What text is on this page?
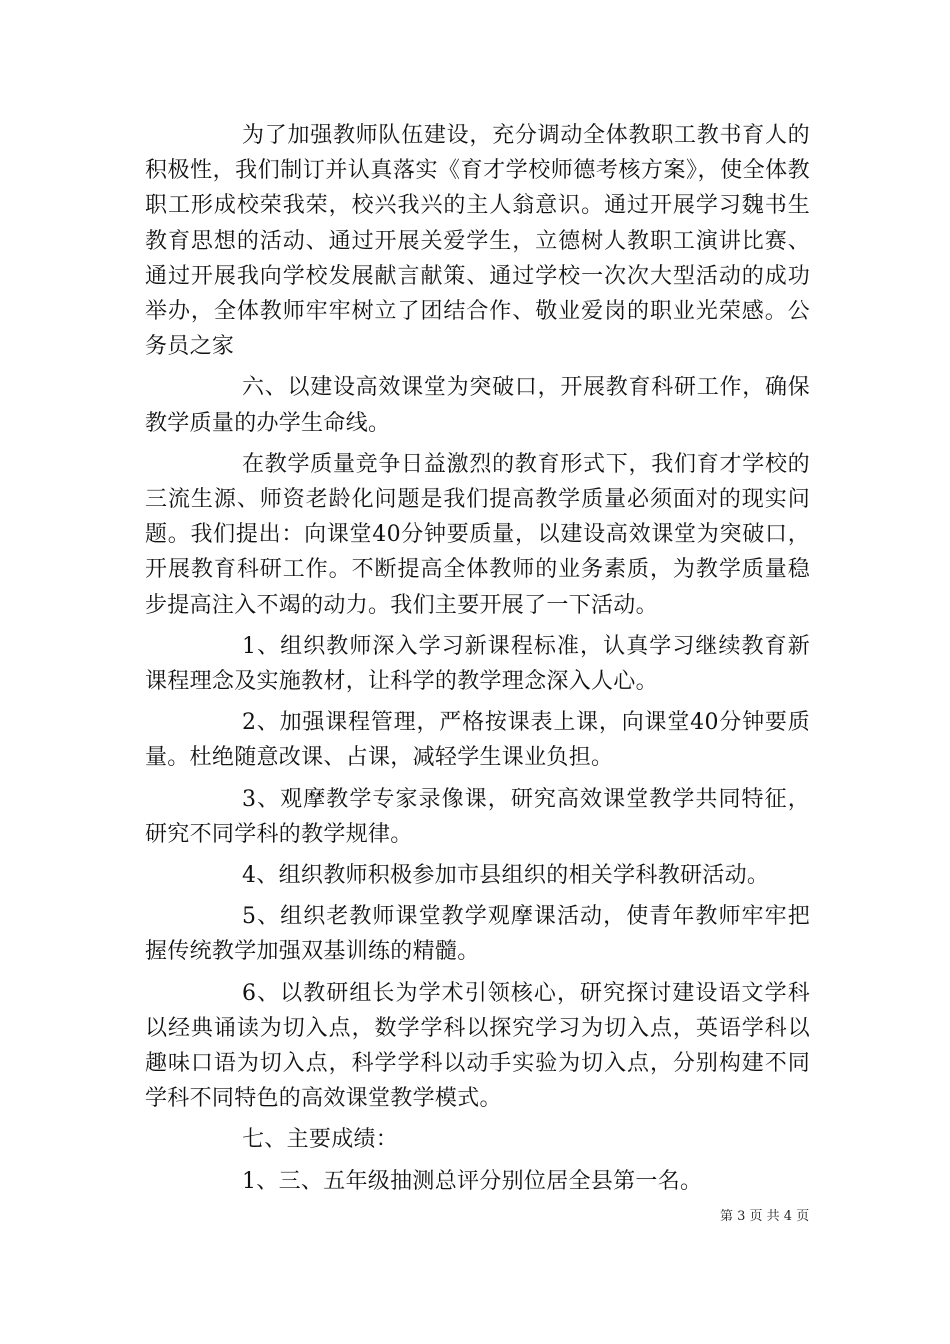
为了加强教师队伍建设，充分调动全体教职工教书育人的积极性，我们制订并认真落实《育才学校师德考核方案》，使全体教职工形成校荣我荣，校兴我兴的主人翁意识。通过开展学习魏书生教育思想的活动、通过开展关爱学生，立德树人教职工演讲比赛、通过开展我向学校发展献言献策、通过学校一次次大型活动的成功举办，全体教师牢牢树立了团结合作、敬业爱岗的职业光荣感。公务员之家

六、以建设高效课堂为突破口，开展教育科研工作，确保教学质量的办学生命线。

在教学质量竞争日益激烈的教育形式下，我们育才学校的三流生源、师资老龄化问题是我们提高教学质量必须面对的现实问题。我们提出：向课堂40分钟要质量，以建设高效课堂为突破口，开展教育科研工作。不断提高全体教师的业务素质，为教学质量稳步提高注入不竭的动力。我们主要开展了一下活动。

1、组织教师深入学习新课程标准，认真学习继续教育新课程理念及实施教材，让科学的教学理念深入人心。

2、加强课程管理，严格按课表上课，向课堂40分钟要质量。杜绝随意改课、占课，减轻学生课业负担。

3、观摩教学专家录像课，研究高效课堂教学共同特征，研究不同学科的教学规律。

4、组织教师积极参加市县组织的相关学科教研活动。

5、组织老教师课堂教学观摩课活动，使青年教师牢牢把握传统教学加强双基训练的精髓。

6、以教研组长为学术引领核心，研究探讨建设语文学科以经典诵读为切入点，数学学科以探究学习为切入点，英语学科以趣味口语为切入点，科学学科以动手实验为切入点，分别构建不同学科不同特色的高效课堂教学模式。

七、主要成绩：

1、三、五年级抽测总评分别位居全县第一名。

第 3 页 共 4 页
